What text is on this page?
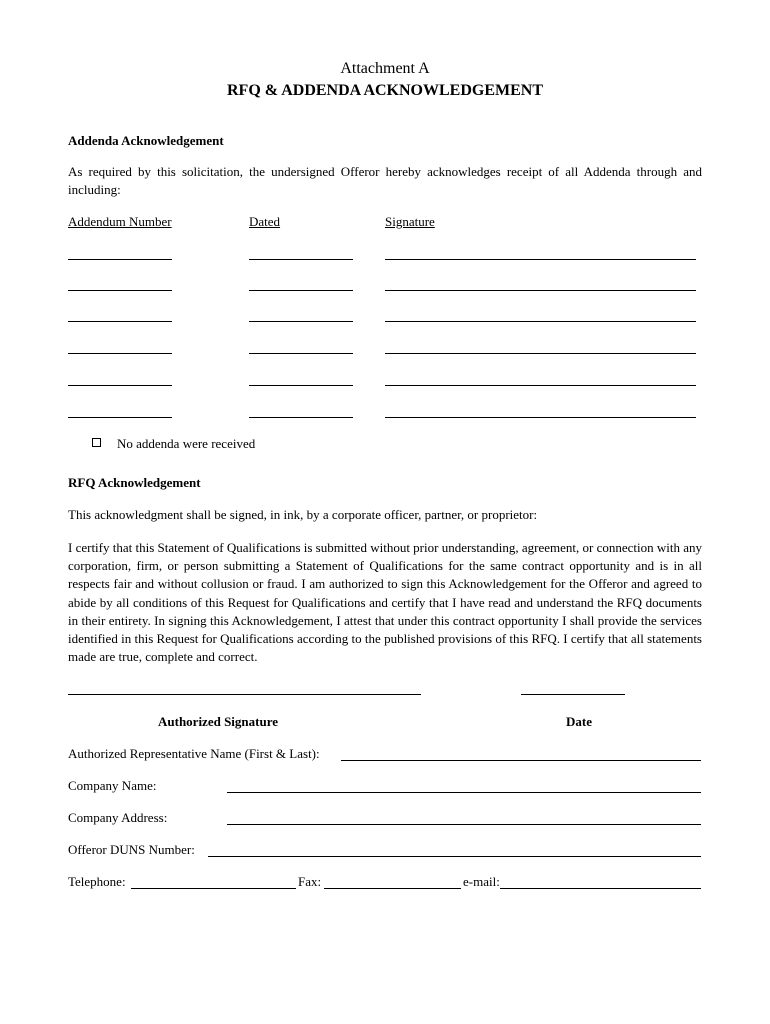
Attachment A
RFQ & ADDENDA ACKNOWLEDGEMENT
Addenda Acknowledgement
As required by this solicitation, the undersigned Offeror hereby acknowledges receipt of all Addenda through and including:
Addendum Number	Dated	Signature
No addenda were received
RFQ Acknowledgement
This acknowledgment shall be signed, in ink, by a corporate officer, partner, or proprietor:
I certify that this Statement of Qualifications is submitted without prior understanding, agreement, or connection with any corporation, firm, or person submitting a Statement of Qualifications for the same contract opportunity and is in all respects fair and without collusion or fraud. I am authorized to sign this Acknowledgement for the Offeror and agreed to abide by all conditions of this Request for Qualifications and certify that I have read and understand the RFQ documents in their entirety. In signing this Acknowledgement, I attest that under this contract opportunity I shall provide the services identified in this Request for Qualifications according to the published provisions of this RFQ. I certify that all statements made are true, complete and correct.
Authorized Signature	Date
Authorized Representative Name (First & Last):
Company Name:
Company Address:
Offeror DUNS Number:
Telephone:	Fax:	e-mail:
